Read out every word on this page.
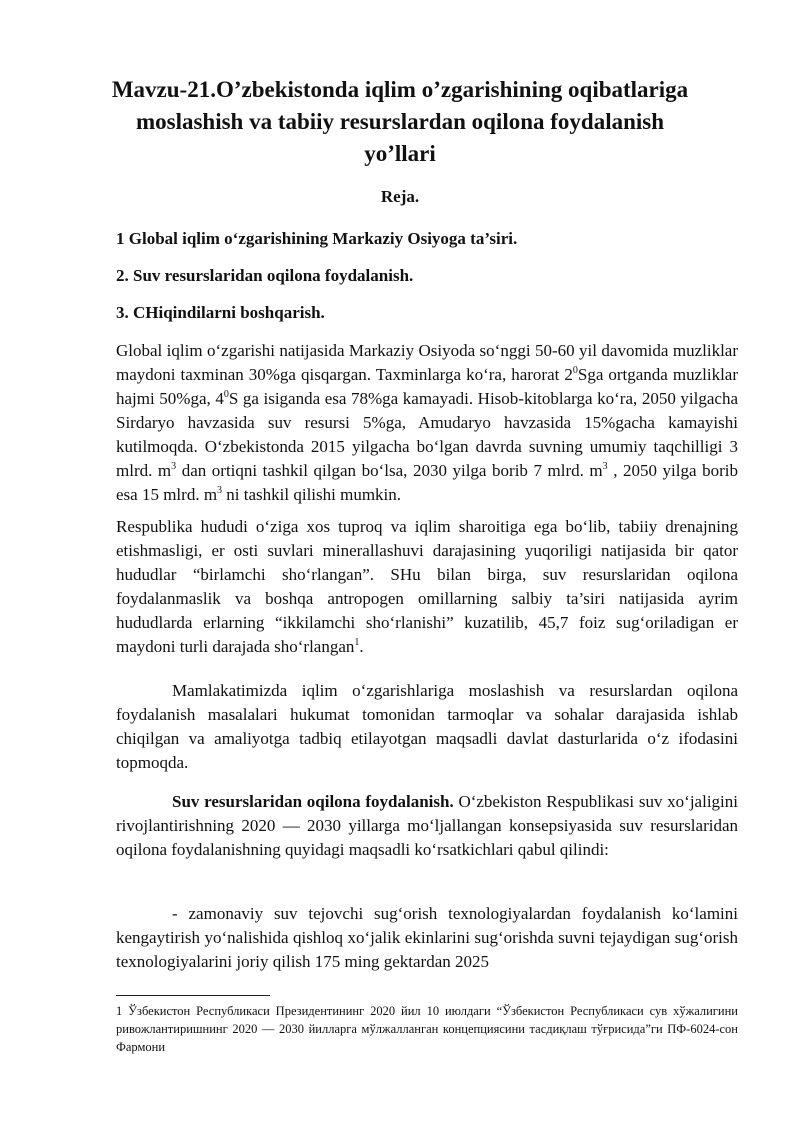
Mavzu-21.O’zbekistonda iqlim o’zgarishining oqibatlariga
moslashish va tabiiy resurslardan oqilona foydalanish
yo’llari
Reja.
1 Global iqlim oʻzgarishining Markaziy Osiyoga ta’siri.
2. Suv resurslaridan oqilona foydalanish.
3. CHiqindilarni boshqarish.
Global iqlim oʻzgarishi natijasida Markaziy Osiyoda soʻnggi 50-60 yil davomida muzliklar maydoni taxminan 30%ga qisqargan. Taxminlarga koʻra, harorat $2^0Sga$ ortganda muzliklar hajmi 50%ga, $4^0S$ ga isiganda esa 78%ga kamayadi. Hisob-kitoblarga koʻra, 2050 yilgacha Sirdaryo havzasida suv resursi 5%ga, Amudaryo havzasida 15%gacha kamayishi kutilmoqda. Oʻzbekistonda 2015 yilgacha boʻlgan davrda suvning umumiy taqchilligi 3 mlrd. $m^3$ dan ortiqni tashkil qilgan boʻlsa, 2030 yilga borib 7 mlrd. $m^3$ , 2050 yilga borib esa 15 mlrd. $m^3$ ni tashkil qilishi mumkin.
Respublika hududi oʻziga xos tuproq va iqlim sharoitiga ega boʻlib, tabiiy drenajning etishmasligi, er osti suvlari minerallashuvi darajasining yuqoriligi natijasida bir qator hududlar “birlamchi shoʻrlangan”. SHu bilan birga, suv resurslaridan oqilona foydalanmaslik va boshqa antropogen omillarning salbiy ta’siri natijasida ayrim hududlarda erlarning “ikkilamchi shoʻrlanishi” kuzatilib, 45,7 foiz sugʻoriladigan er maydoni turli darajada shoʻrlangan$^1$.
Mamlakatimizda iqlim oʻzgarishlariga moslashish va resurslardan oqilona foydalanish masalalari hukumat tomonidan tarmoqlar va sohalar darajasida ishlab chiqilgan va amaliyotga tadbiq etilayotgan maqsadli davlat dasturlarida oʻz ifodasini topmoqda.
Suv resurslaridan oqilona foydalanish. Oʻzbekiston Respublikasi suv xoʻjaligini rivojlantirishning 2020 — 2030 yillarga moʻljallangan konsepsiyasida suv resurslaridan oqilona foydalanishning quyidagi maqsadli koʻrsatkichlari qabul qilindi:
- zamonaviy suv tejovchi sugʻorish texnologiyalardan foydalanish koʻlamini kengaytirish yoʻnalishida qishloq xoʻjalik ekinlarini sugʻorishda suvni tejaydigan sugʻorish texnologiyalarini joriy qilish 175 ming gektardan 2025
1 Ўзбекистон Республикаси Президентининг 2020 йил 10 июлдаги “Ўзбекистон Республикаси сув хўжалигини ривожлантиришнинг 2020 — 2030 йилларга мўлжалланган концепциясини тасдиқлаш тўғрисида”ги ПФ-6024-сон Фармони
